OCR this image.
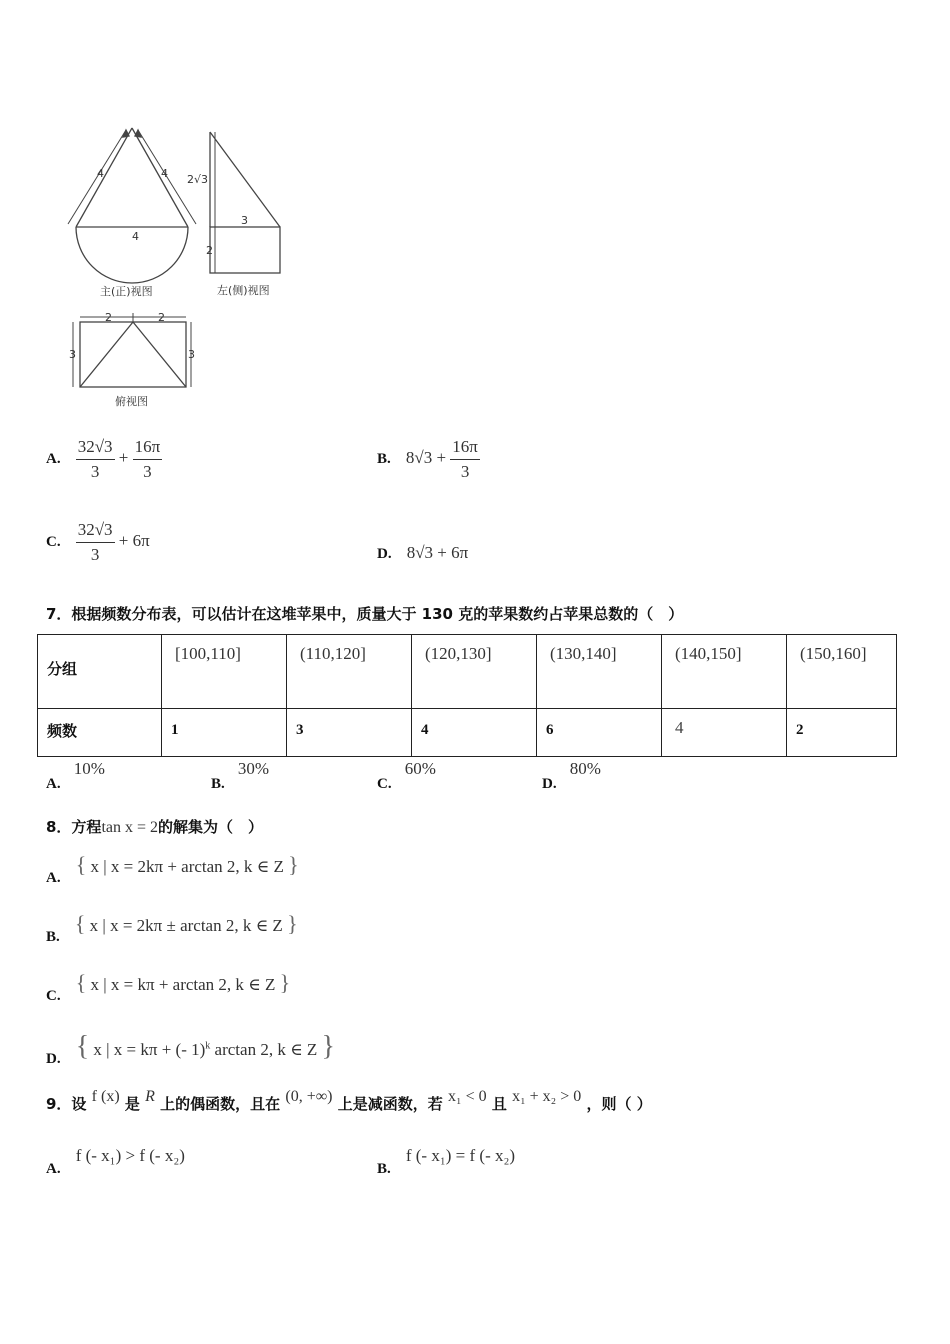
4	4
4
主(正)视图
2√3
3
2
左(侧)视图
2	2
3	3
俯视图
A. $\frac{32√3}{3} + \frac{16\pi}{3}$	B. $8√3 + \frac{16\pi}{3}$
C. $\frac{32√3}{3} + 6\pi$
D. 8√3 + 6π
7．根据频数分布表，可以估计在这堆苹果中，质量大于 130 克的苹果数约占苹果总数的（　）
分组	[100,110]	(110,120]	(120,130]	(130,140]	(140,150]	(150,160]

频数	1	3	4	6	4	2
A. 10%
B. 30%
C. 60%
D. 80%
8．方程tan x = 2的解集为（　）
A. { x | x = 2kπ + arctan 2, k ∈ Z }
B. { x | x = 2kπ ± arctan 2, k ∈ Z }
C. { x | x = kπ + arctan 2, k ∈ Z }
D. { x | x = kπ + (- 1)$^k$ arctan 2, k ∈ Z }
9．设 f (x) 是 R 上的偶函数，且在 (0, +∞) 上是减函数，若 x₁ < 0 且 x₁ + x₂ > 0 ，则（ ）
A. f (- x₁) > f (- x₂)
B. f (- x₁) = f (- x₂)
